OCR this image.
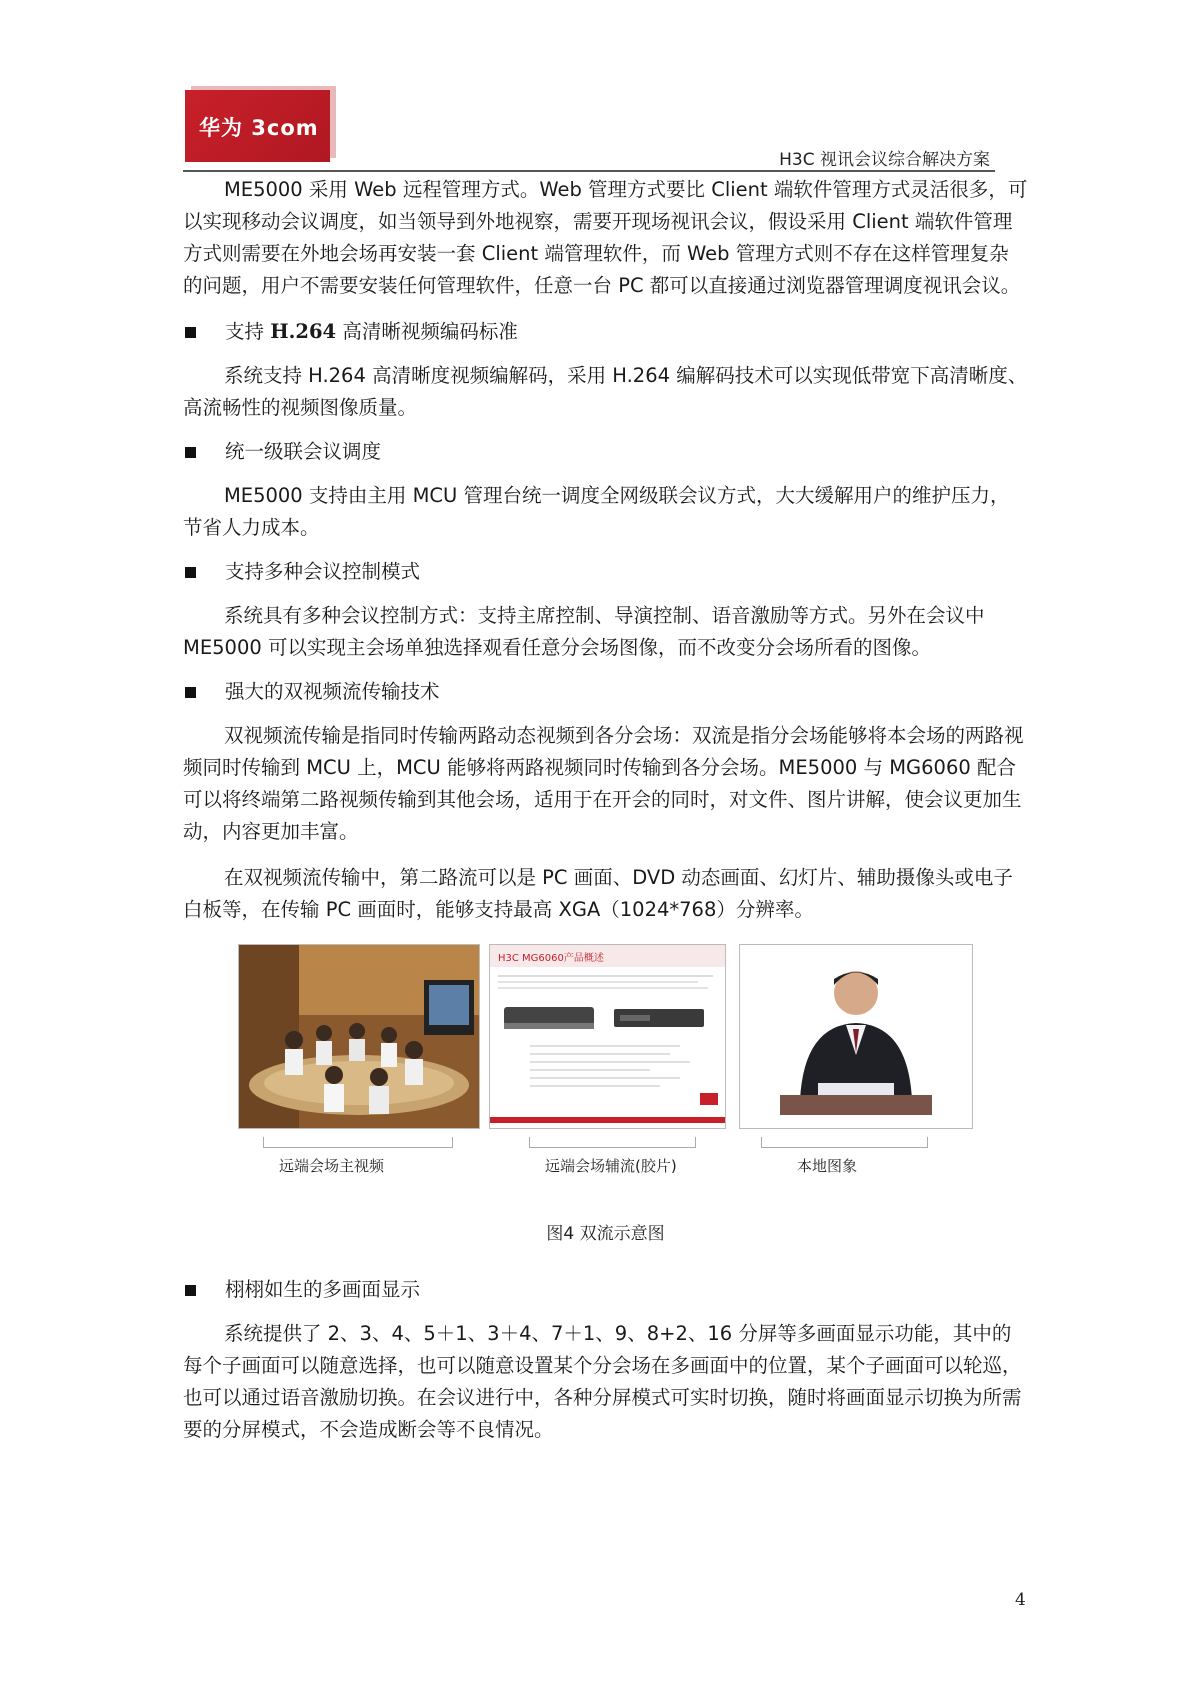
华为 3com
H3C 视讯会议综合解决方案

ME5000 采用 Web 远程管理方式。Web 管理方式要比 Client 端软件管理方式灵活很多，可以实现移动会议调度，如当领导到外地视察，需要开现场视讯会议，假设采用 Client 端软件管理方式则需要在外地会场再安装一套 Client 端管理软件，而 Web 管理方式则不存在这样管理复杂的问题，用户不需要安装任何管理软件，任意一台 PC 都可以直接通过浏览器管理调度视讯会议。

支持 H.264 高清晰视频编码标准

系统支持 H.264 高清晰度视频编解码，采用 H.264 编解码技术可以实现低带宽下高清晰度、高流畅性的视频图像质量。

统一级联会议调度

ME5000 支持由主用 MCU 管理台统一调度全网级联会议方式，大大缓解用户的维护压力，节省人力成本。

支持多种会议控制模式

系统具有多种会议控制方式：支持主席控制、导演控制、语音激励等方式。另外在会议中 ME5000 可以实现主会场单独选择观看任意分会场图像，而不改变分会场所看的图像。

强大的双视频流传输技术

双视频流传输是指同时传输两路动态视频到各分会场：双流是指分会场能够将本会场的两路视频同时传输到 MCU 上，MCU 能够将两路视频同时传输到各分会场。ME5000 与 MG6060 配合可以将终端第二路视频传输到其他会场，适用于在开会的同时，对文件、图片讲解，使会议更加生动，内容更加丰富。

在双视频流传输中，第二路流可以是 PC 画面、DVD 动态画面、幻灯片、辅助摄像头或电子白板等，在传输 PC 画面时，能够支持最高 XGA（1024*768）分辨率。

H3C MG6060产品概述
远端会场主视频	远端会场辅流(胶片)	本地图象
图4 双流示意图
栩栩如生的多画面显示

系统提供了 2、3、4、5＋1、3＋4、7＋1、9、8+2、16 分屏等多画面显示功能，其中的每个子画面可以随意选择，也可以随意设置某个分会场在多画面中的位置，某个子画面可以轮巡，也可以通过语音激励切换。在会议进行中，各种分屏模式可实时切换，随时将画面显示切换为所需要的分屏模式，不会造成断会等不良情况。

4
